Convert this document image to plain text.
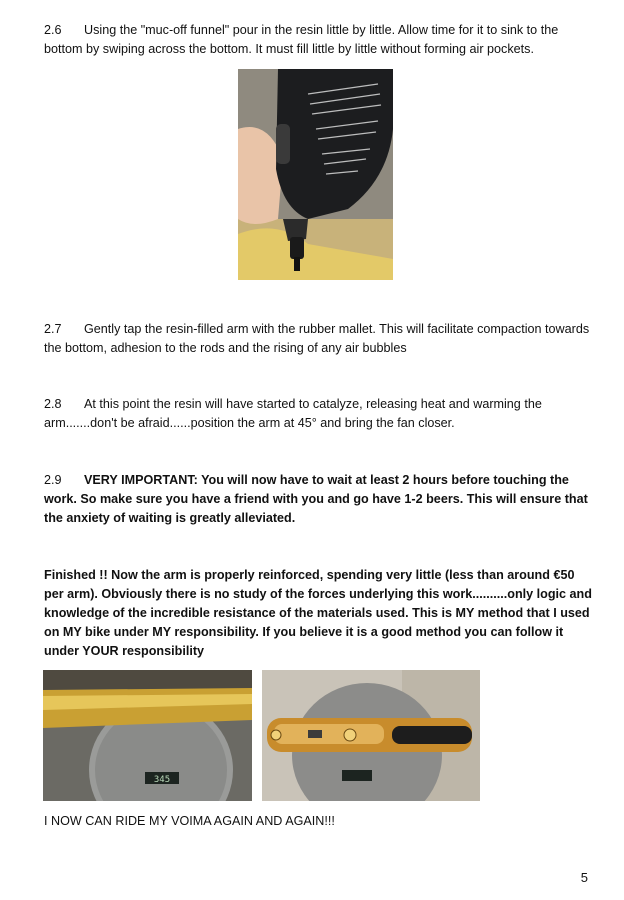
2.6 Using the "muc-off funnel" pour in the resin little by little. Allow time for it to sink to the bottom by swiping across the bottom. It must fill little by little without forming air pockets.
2.7 Gently tap the resin-filled arm with the rubber mallet. This will facilitate compaction towards the bottom, adhesion to the rods and the rising of any air bubbles
2.8 At this point the resin will have started to catalyze, releasing heat and warming the arm.......don't be afraid......position the arm at 45° and bring the fan closer.
2.9 VERY IMPORTANT: You will now have to wait at least 2 hours before touching the work. So make sure you have a friend with you and go have 1-2 beers. This will ensure that the anxiety of waiting is greatly alleviated.
Finished !! Now the arm is properly reinforced, spending very little (less than around €50 per arm). Obviously there is no study of the forces underlying this work..........only logic and knowledge of the incredible resistance of the materials used. This is MY method that I used on MY bike under MY responsibility. If you believe it is a good method you can follow it under YOUR responsibility
345
I NOW CAN RIDE MY VOIMA AGAIN AND AGAIN!!!
5
